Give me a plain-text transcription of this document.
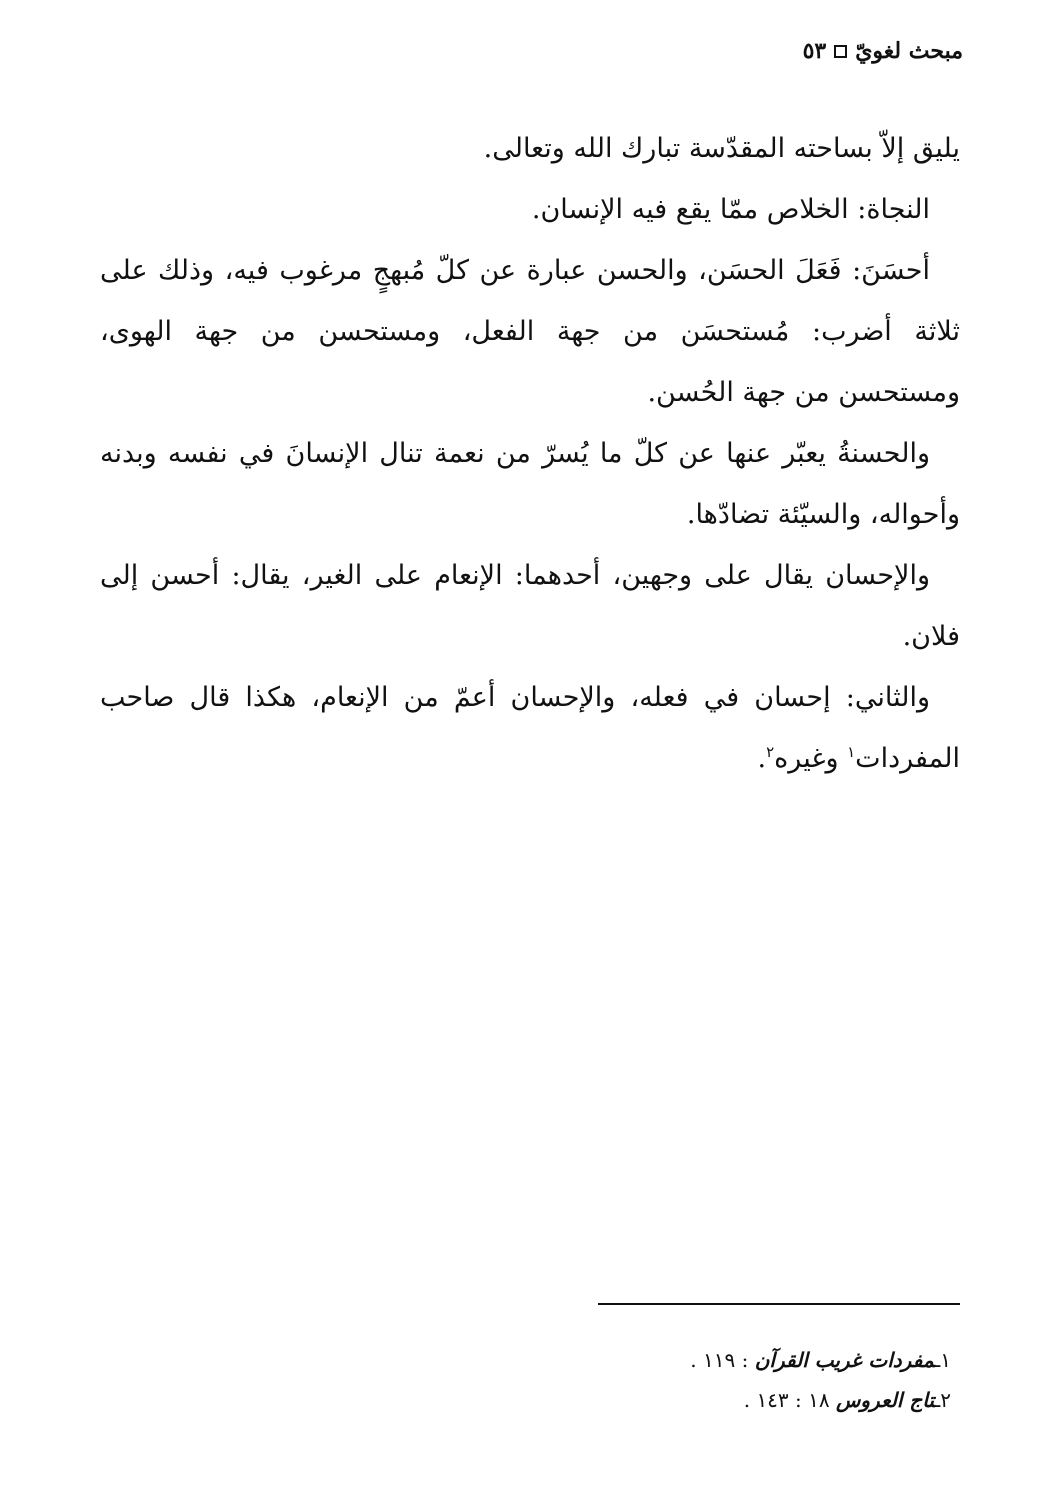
مبحث لغويّ
٥٣

يليق إلاّ بساحته المقدّسة تبارك الله وتعالى.

النجاة: الخلاص ممّا يقع فيه الإنسان.

أحسَنَ: فَعَلَ الحسَن، والحسن عبارة عن كلّ مُبهجٍ مرغوب فيه، وذلك على ثلاثة أضرب: مُستحسَن من جهة الفعل، ومستحسن من جهة الهوى، ومستحسن من جهة الحُسن.

والحسنةُ يعبّر عنها عن كلّ ما يُسرّ من نعمة تنال الإنسانَ في نفسه وبدنه وأحواله، والسيّئة تضادّها.

والإحسان يقال على وجهين، أحدهما: الإنعام على الغير، يقال: أحسن إلى فلان.

والثاني: إحسان في فعله، والإحسان أعمّ من الإنعام، هكذا قال صاحب المفردات$^١$ وغيره$^٢$.

١ـمفردات غريب القرآن : ١١٩ .
٢ـتاج العروس ١٨ : ١٤٣ .
